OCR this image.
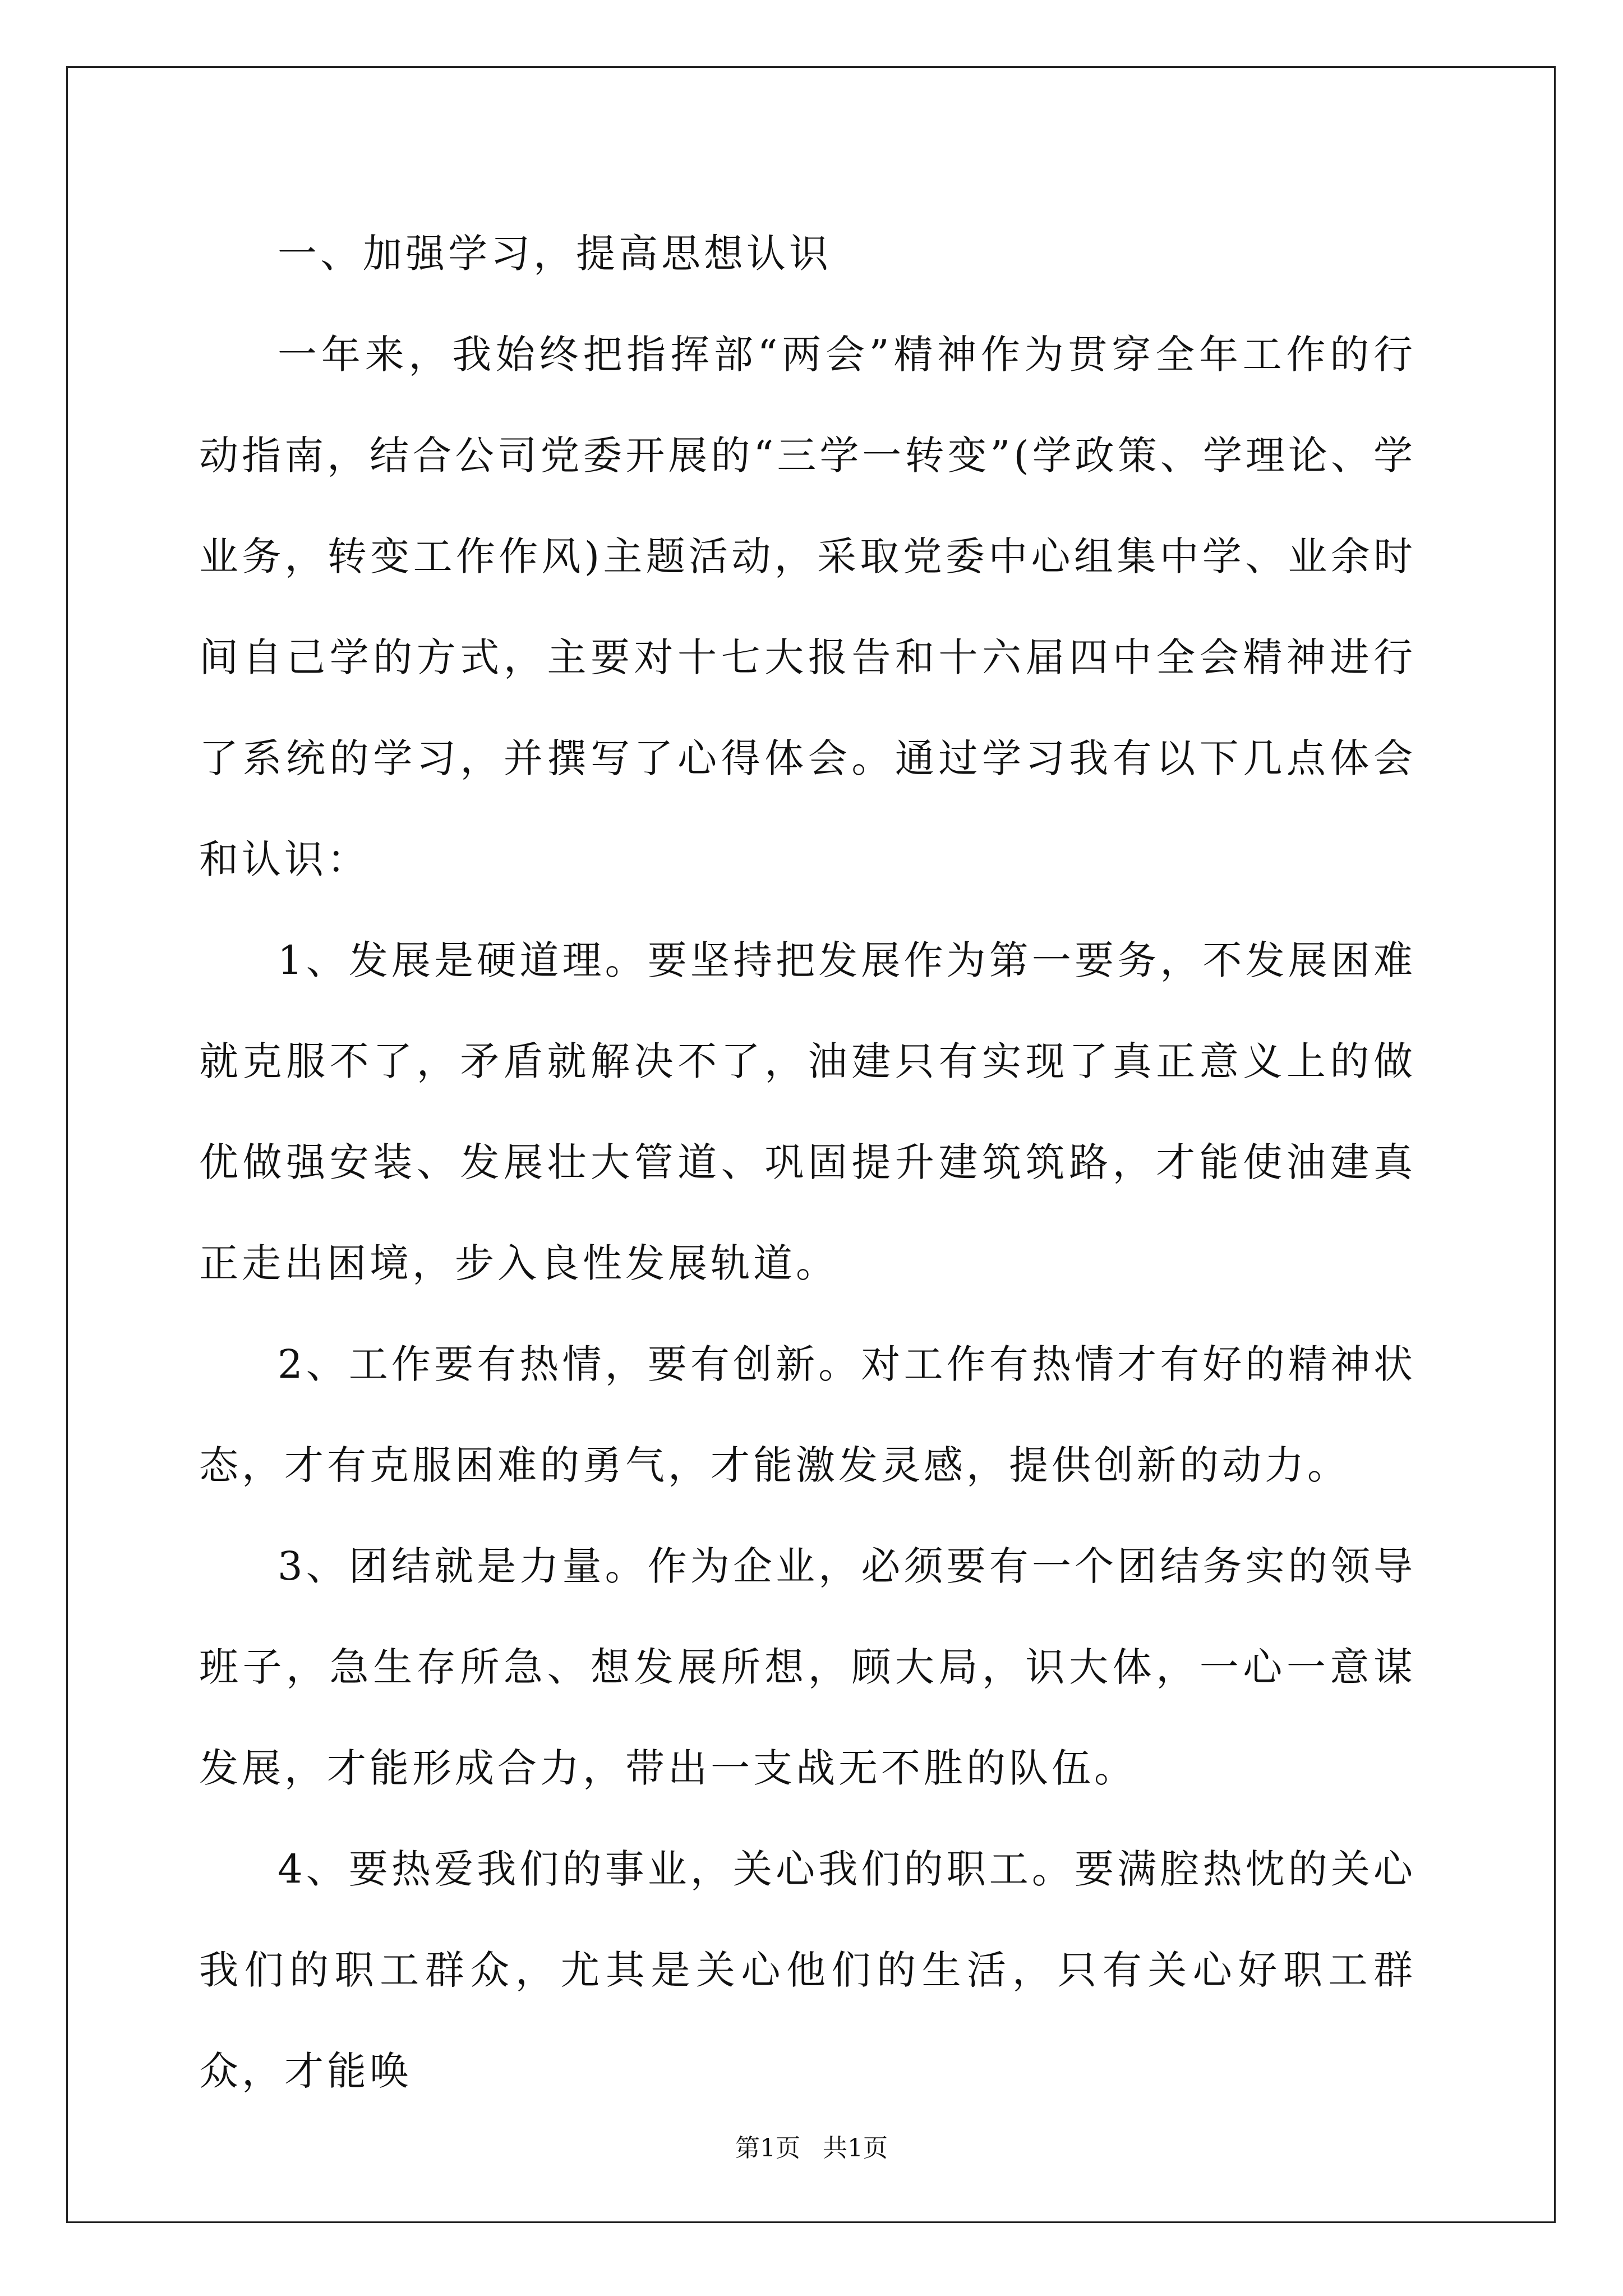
一、加强学习，提高思想认识

一年来，我始终把指挥部“两会”精神作为贯穿全年工作的行动指南，结合公司党委开展的“三学一转变”(学政策、学理论、学业务，转变工作作风)主题活动，采取党委中心组集中学、业余时间自己学的方式，主要对十七大报告和十六届四中全会精神进行了系统的学习，并撰写了心得体会。通过学习我有以下几点体会和认识：

1、发展是硬道理。要坚持把发展作为第一要务，不发展困难就克服不了，矛盾就解决不了，油建只有实现了真正意义上的做优做强安装、发展壮大管道、巩固提升建筑筑路，才能使油建真正走出困境，步入良性发展轨道。

2、工作要有热情，要有创新。对工作有热情才有好的精神状态，才有克服困难的勇气，才能激发灵感，提供创新的动力。

3、团结就是力量。作为企业，必须要有一个团结务实的领导班子，急生存所急、想发展所想，顾大局，识大体，一心一意谋发展，才能形成合力，带出一支战无不胜的队伍。

4、要热爱我们的事业，关心我们的职工。要满腔热忱的关心我们的职工群众，尤其是关心他们的生活，只有关心好职工群众，才能唤

第1页 共1页
